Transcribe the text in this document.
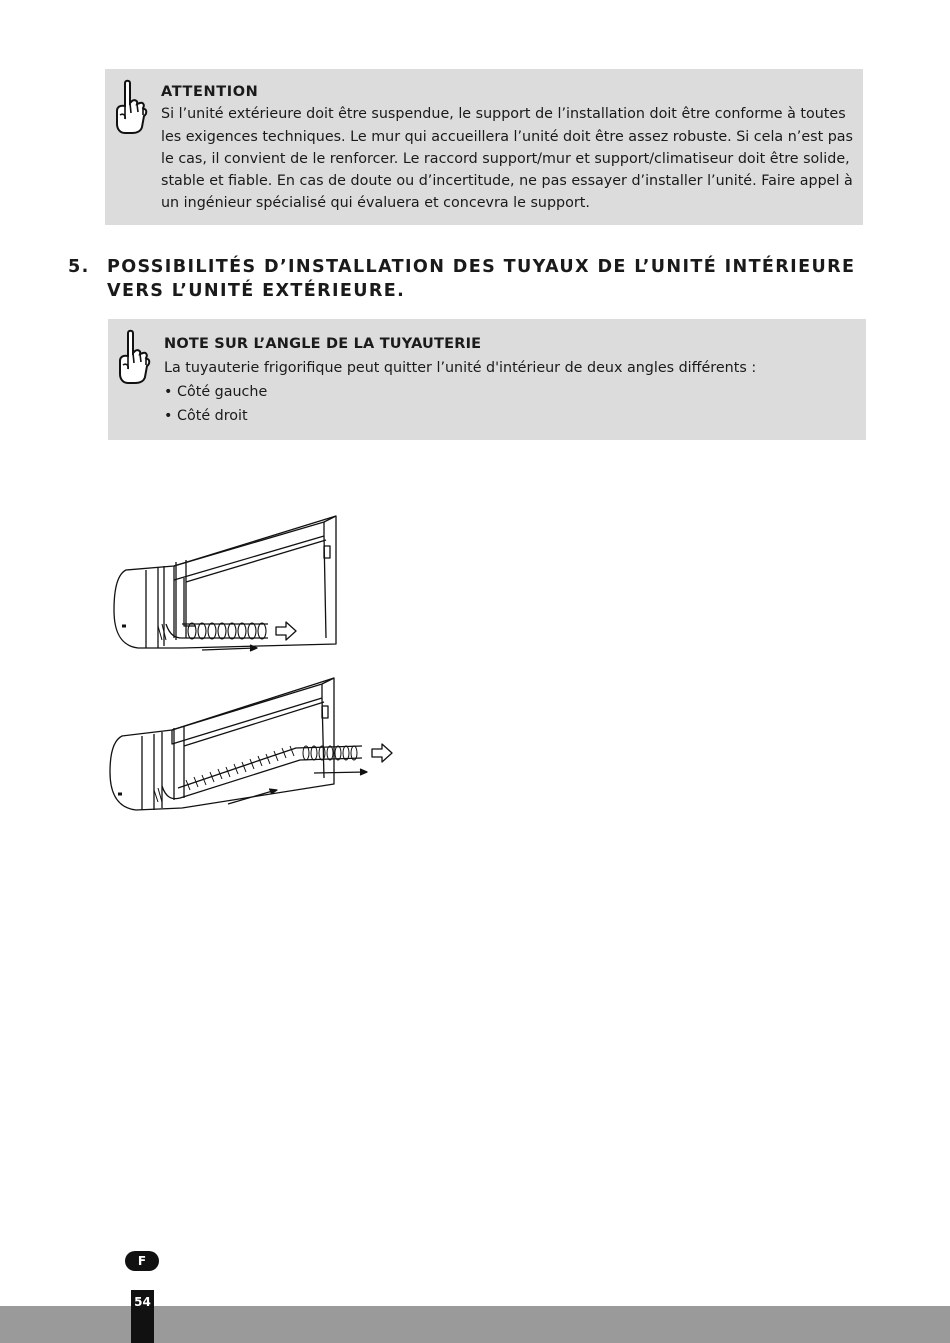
ATTENTION
Si l’unité extérieure doit être suspendue, le support de l’installation doit être conforme à toutes
les exigences techniques. Le mur qui accueillera l’unité doit être assez robuste. Si cela n’est pas
le cas, il convient de le renforcer. Le raccord support/mur et support/climatiseur doit être solide,
stable et fiable. En cas de doute ou d’incertitude, ne pas essayer d’installer l’unité. Faire appel à
un ingénieur spécialisé qui évaluera et concevra le support.
5. POSSIBILITÉS D’INSTALLATION DES TUYAUX DE L’UNITÉ INTÉRIEURE VERS L’UNITÉ EXTÉRIEURE.
NOTE SUR L’ANGLE DE LA TUYAUTERIE
La tuyauterie frigorifique peut quitter l’unité d'intérieur de deux angles différents :
• Côté gauche
• Côté droit
F
54
